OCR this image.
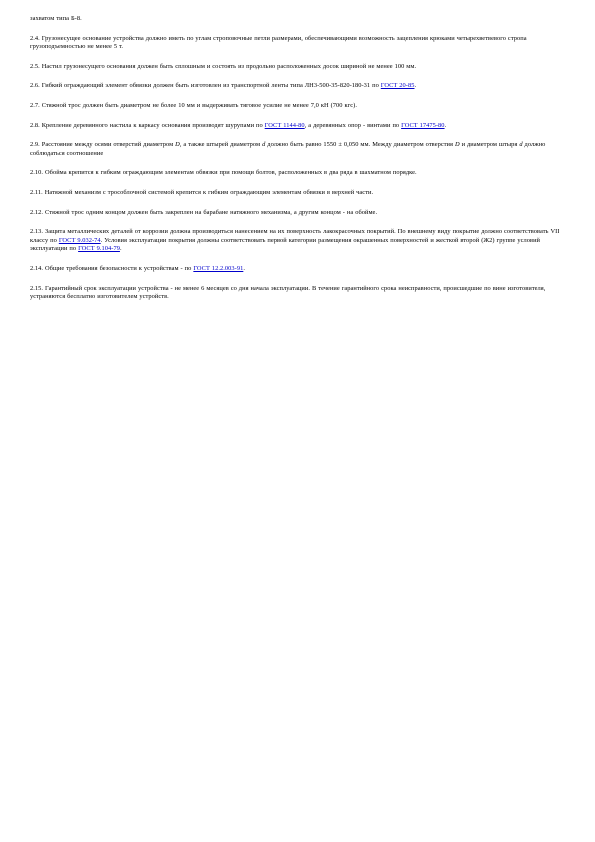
захватом типа Б-8.

2.4. Грузонесущее основание устройства должно иметь по углам строповочные петли размерами, обеспечивающими возможность зацепления крюками четырехветвевого стропа грузоподъемностью не менее 5 т.

2.5. Настил грузонесущего основания должен быть сплошным и состоять из продольно расположенных досок шириной не менее 100 мм.

2.6. Гибкий ограждающий элемент обвязки должен быть изготовлен из транспортной ленты типа ЛН3-500-35-820-180-31 по ГОСТ 20-85.

2.7. Стяжной трос должен быть диаметром не более 10 мм и выдерживать тяговое усилие не менее 7,0 кН (700 кгс).

2.8. Крепление деревянного настила к каркасу основания производят шурупами по ГОСТ 1144-80, а деревянных опор - винтами по ГОСТ 17475-80.

2.9. Расстояние между осями отверстий диаметром D, а также штырей диаметром d должно быть равно 1550 ± 0,050 мм. Между диаметром отверстия D и диаметром штыря d должно соблюдаться соотношение

2.10. Обойма крепится к гибким ограждающим элементам обвязки при помощи болтов, расположенных в два ряда в шахматном порядке.

2.11. Натяжной механизм с трособлочной системой крепится к гибким ограждающим элементам обвязки в верхней части.

2.12. Стяжной трос одним концом должен быть закреплен на барабане натяжного механизма, а другим концом - на обойме.

2.13. Защита металлических деталей от коррозии должна производиться нанесением на их поверхность лакокрасочных покрытий. По внешнему виду покрытие должно соответствовать VII классу по ГОСТ 9.032-74. Условия эксплуатации покрытия должны соответствовать первой категории размещения окрашенных поверхностей и жесткой второй (Ж2) группе условий эксплуатации по ГОСТ 9.104-79.

2.14. Общие требования безопасности к устройствам - по ГОСТ 12.2.003-91.

2.15. Гарантийный срок эксплуатации устройства - не менее 6 месяцев со дня начала эксплуатации. В течение гарантийного срока неисправности, происшедшие по вине изготовителя, устраняются бесплатно изготовителем устройств.
